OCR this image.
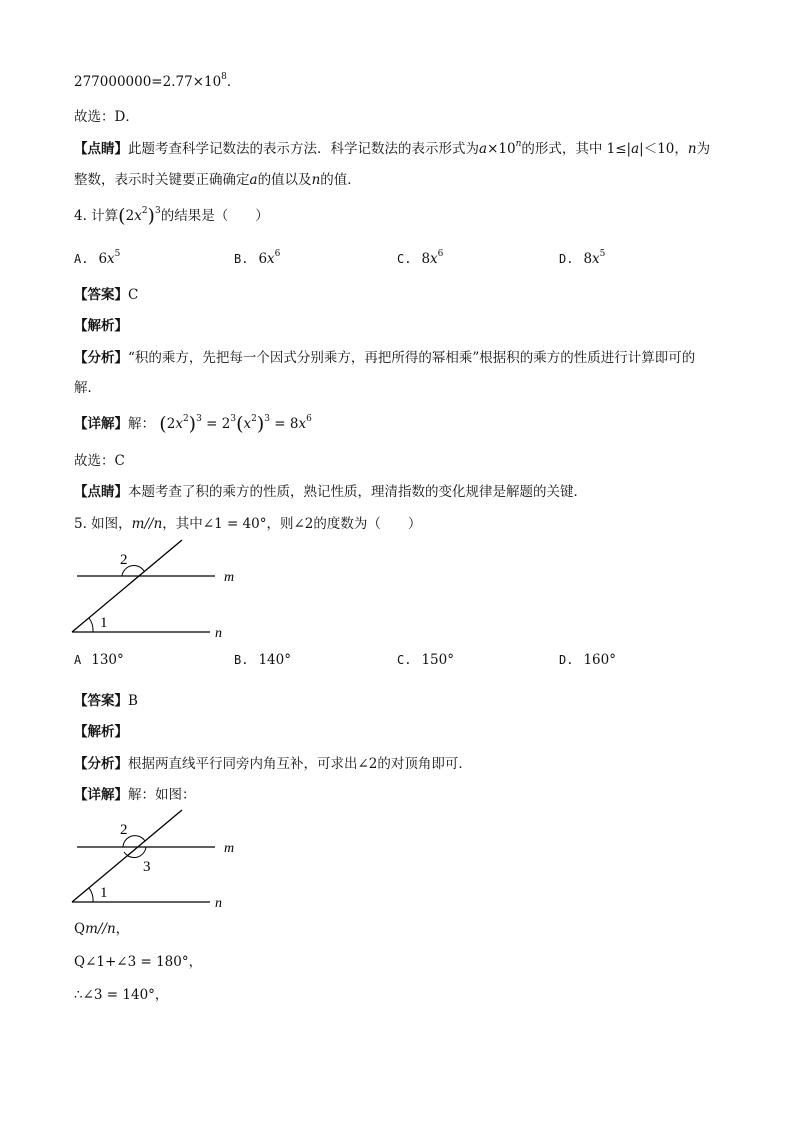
$277000000=2.77\times 10^8$．
故选：D．
【点睛】此题考查科学记数法的表示方法．科学记数法的表示形式为$a\times 10^n$的形式，其中 1≤|a|＜10，n为
整数，表示时关键要正确确定a的值以及n的值．
4. 计算$(2x^2)^3$的结果是（　　）
A. $6x^5$	B. $6x^6$	C. $8x^6$	D. $8x^5$
【答案】C
【解析】
【分析】“积的乘方，先把每一个因式分别乘方，再把所得的幂相乘”根据积的乘方的性质进行计算即可的
解．
【详解】解： $(2x^2)^3 = 2^3(x^2)^3 = 8x^6$
故选：C
【点睛】本题考查了积的乘方的性质，熟记性质，理清指数的变化规律是解题的关键．
5. 如图，m//n，其中∠1 = 40°，则∠2的度数为（　　）
2
m
1
n
A 130°	B. 140°	C. 150°	D. 160°
【答案】B
【解析】
【分析】根据两直线平行同旁内角互补，可求出∠2的对顶角即可．
【详解】解：如图：
2
3
m
1
n
Qm//n，
Q∠1+∠3 = 180°，
∴∠3 = 140°，
